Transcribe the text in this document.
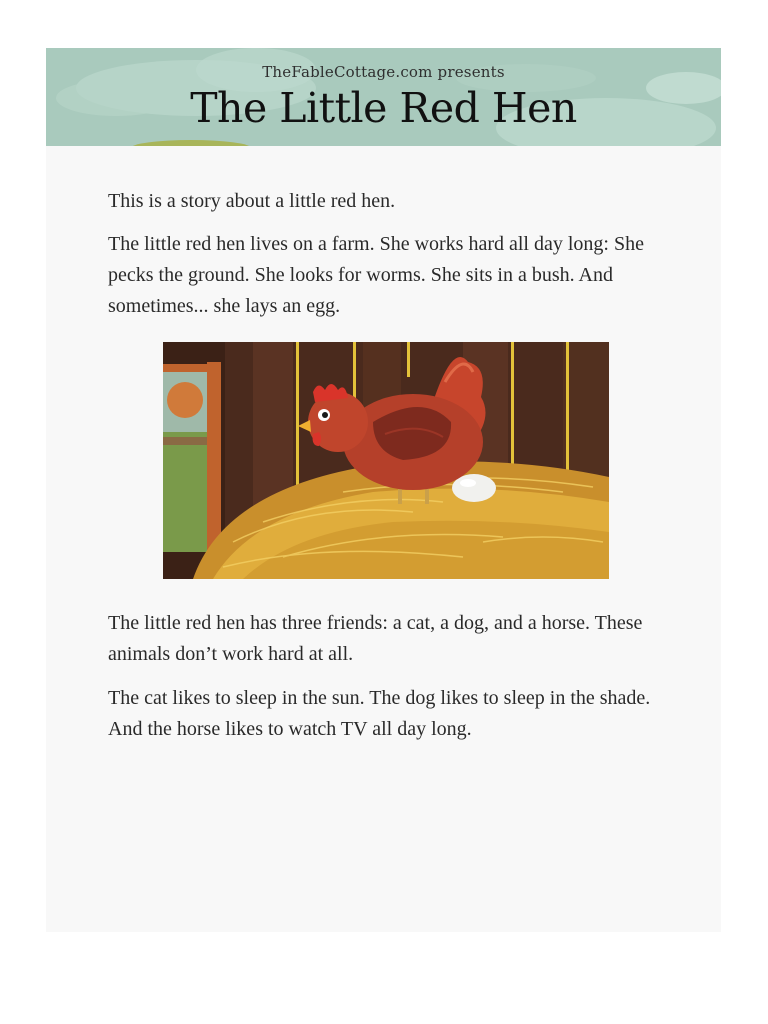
TheFableCottage.com presents
The Little Red Hen

This is a story about a little red hen.

The little red hen lives on a farm. She works hard all day long: She pecks the ground. She looks for worms. She sits in a bush. And sometimes... she lays an egg.

The little red hen has three friends: a cat, a dog, and a horse. These animals don’t work hard at all.

The cat likes to sleep in the sun. The dog likes to sleep in the shade. And the horse likes to watch TV all day long.
